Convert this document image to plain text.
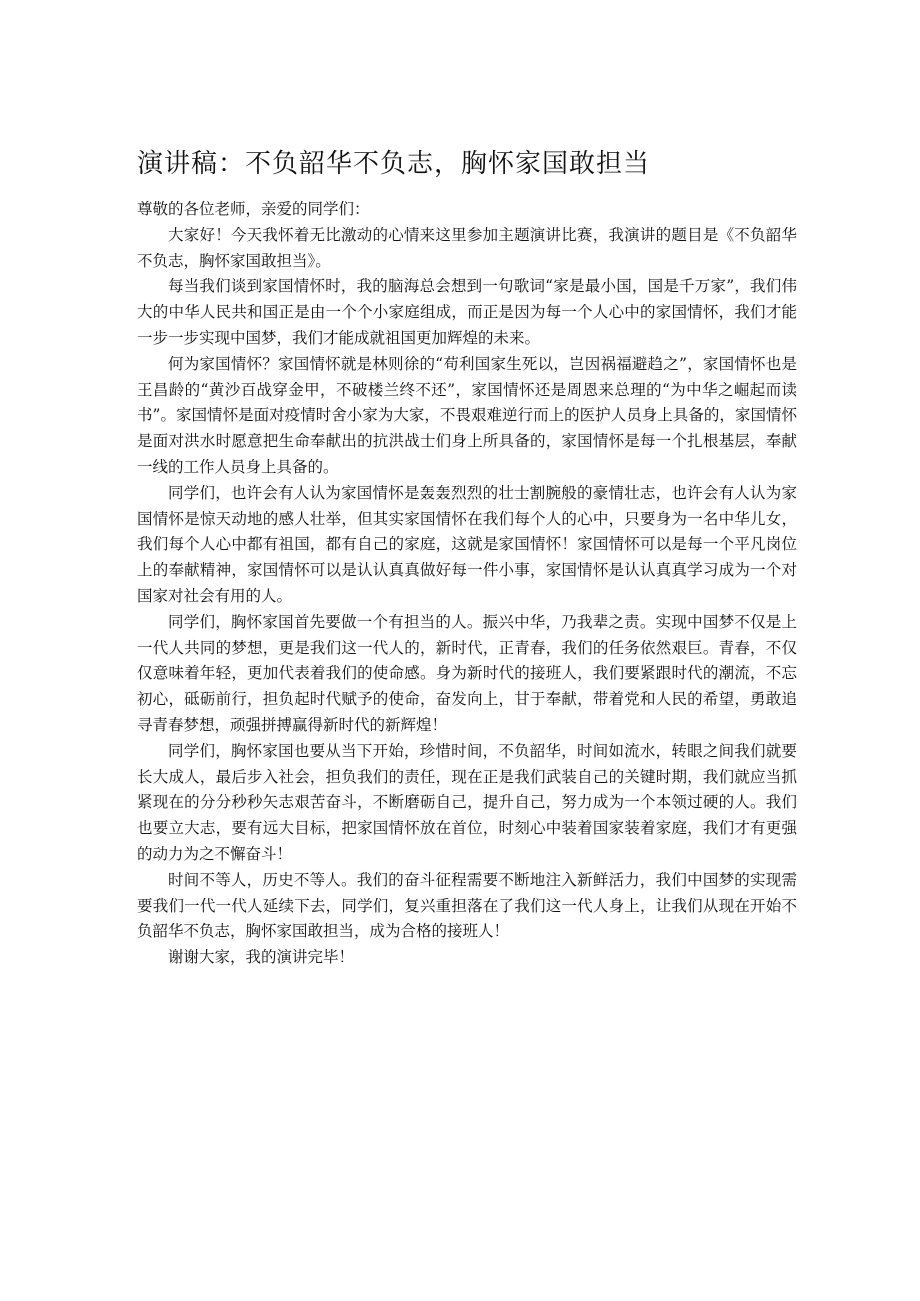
演讲稿：不负韶华不负志，胸怀家国敢担当

尊敬的各位老师，亲爱的同学们：

大家好！今天我怀着无比激动的心情来这里参加主题演讲比赛，我演讲的题目是《不负韶华不负志，胸怀家国敢担当》。

每当我们谈到家国情怀时，我的脑海总会想到一句歌词“家是最小国，国是千万家”，我们伟大的中华人民共和国正是由一个个小家庭组成，而正是因为每一个人心中的家国情怀，我们才能一步一步实现中国梦，我们才能成就祖国更加辉煌的未来。

何为家国情怀？家国情怀就是林则徐的“苟利国家生死以，岂因祸福避趋之”，家国情怀也是王昌龄的“黄沙百战穿金甲，不破楼兰终不还”，家国情怀还是周恩来总理的“为中华之崛起而读书”。家国情怀是面对疫情时舍小家为大家，不畏艰难逆行而上的医护人员身上具备的，家国情怀是面对洪水时愿意把生命奉献出的抗洪战士们身上所具备的，家国情怀是每一个扎根基层，奉献一线的工作人员身上具备的。

同学们，也许会有人认为家国情怀是轰轰烈烈的壮士割腕般的豪情壮志，也许会有人认为家国情怀是惊天动地的感人壮举，但其实家国情怀在我们每个人的心中，只要身为一名中华儿女，我们每个人心中都有祖国，都有自己的家庭，这就是家国情怀！家国情怀可以是每一个平凡岗位上的奉献精神，家国情怀可以是认认真真做好每一件小事，家国情怀是认认真真学习成为一个对国家对社会有用的人。

同学们，胸怀家国首先要做一个有担当的人。振兴中华，乃我辈之责。实现中国梦不仅是上一代人共同的梦想，更是我们这一代人的，新时代，正青春，我们的任务依然艰巨。青春，不仅仅意味着年轻，更加代表着我们的使命感。身为新时代的接班人，我们要紧跟时代的潮流，不忘初心，砥砺前行，担负起时代赋予的使命，奋发向上，甘于奉献，带着党和人民的希望，勇敢追寻青春梦想，顽强拼搏赢得新时代的新辉煌！

同学们，胸怀家国也要从当下开始，珍惜时间，不负韶华，时间如流水，转眼之间我们就要长大成人，最后步入社会，担负我们的责任，现在正是我们武装自己的关键时期，我们就应当抓紧现在的分分秒秒矢志艰苦奋斗，不断磨砺自己，提升自己，努力成为一个本领过硬的人。我们也要立大志，要有远大目标，把家国情怀放在首位，时刻心中装着国家装着家庭，我们才有更强的动力为之不懈奋斗！

时间不等人，历史不等人。我们的奋斗征程需要不断地注入新鲜活力，我们中国梦的实现需要我们一代一代人延续下去，同学们，复兴重担落在了我们这一代人身上，让我们从现在开始不负韶华不负志，胸怀家国敢担当，成为合格的接班人！

谢谢大家，我的演讲完毕！
